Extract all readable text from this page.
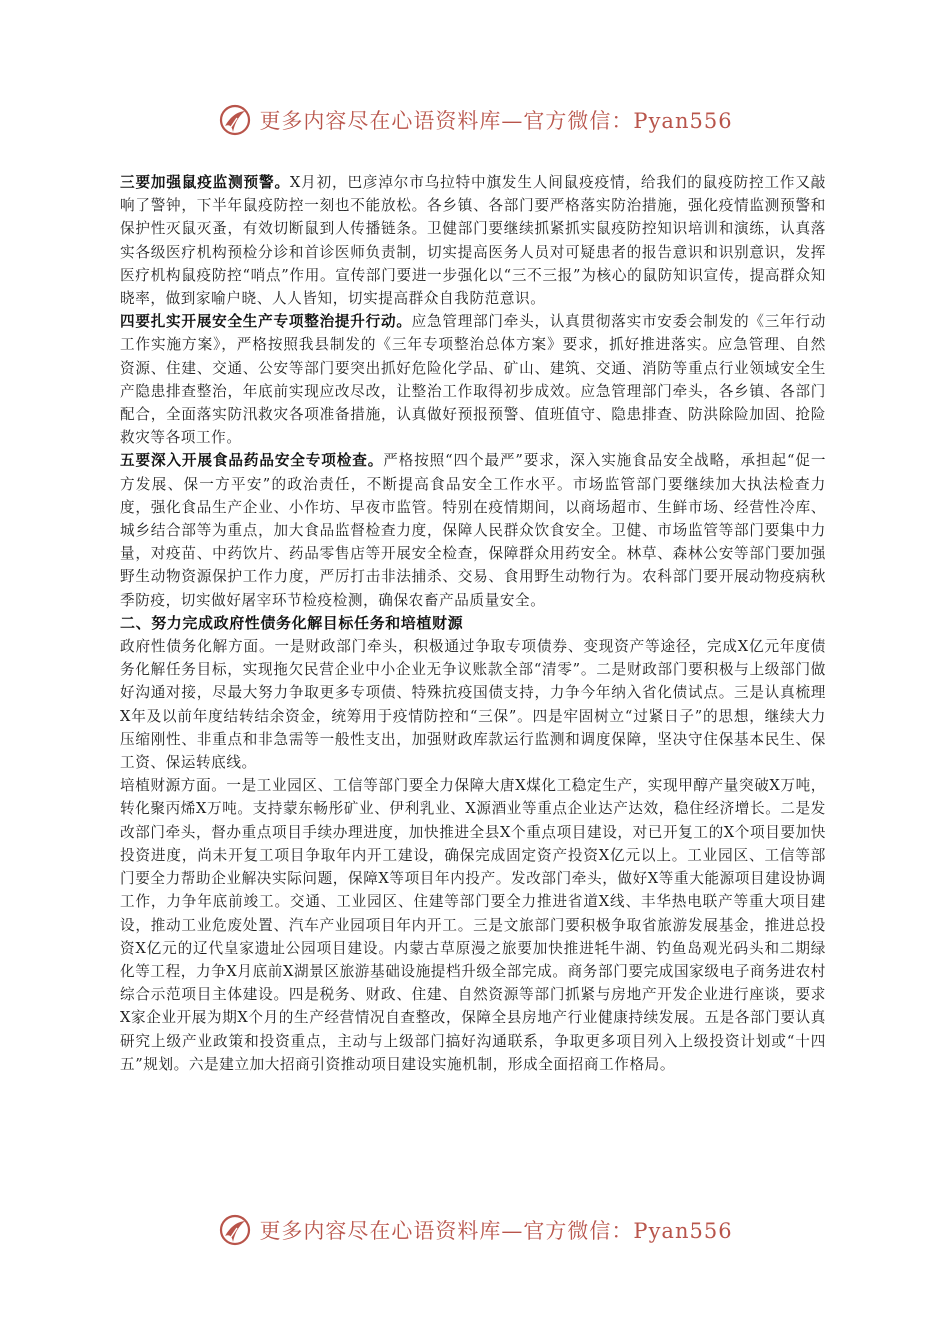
更多内容尽在心语资料库—官方微信：Pyan556

三要加强鼠疫监测预警。X月初，巴彦淖尔市乌拉特中旗发生人间鼠疫疫情，给我们的鼠疫防控工作又敲响了警钟，下半年鼠疫防控一刻也不能放松。各乡镇、各部门要严格落实防治措施，强化疫情监测预警和保护性灭鼠灭蚤，有效切断鼠到人传播链条。卫健部门要继续抓紧抓实鼠疫防控知识培训和演练，认真落实各级医疗机构预检分诊和首诊医师负责制，切实提高医务人员对可疑患者的报告意识和识别意识，发挥医疗机构鼠疫防控“哨点”作用。宣传部门要进一步强化以“三不三报”为核心的鼠防知识宣传，提高群众知晓率，做到家喻户晓、人人皆知，切实提高群众自我防范意识。

四要扎实开展安全生产专项整治提升行动。应急管理部门牵头，认真贯彻落实市安委会制发的《三年行动工作实施方案》，严格按照我县制发的《三年专项整治总体方案》要求，抓好推进落实。应急管理、自然资源、住建、交通、公安等部门要突出抓好危险化学品、矿山、建筑、交通、消防等重点行业领域安全生产隐患排查整治，年底前实现应改尽改，让整治工作取得初步成效。应急管理部门牵头，各乡镇、各部门配合，全面落实防汛救灾各项准备措施，认真做好预报预警、值班值守、隐患排查、防洪除险加固、抢险救灾等各项工作。

五要深入开展食品药品安全专项检查。严格按照“四个最严”要求，深入实施食品安全战略，承担起“促一方发展、保一方平安”的政治责任，不断提高食品安全工作水平。市场监管部门要继续加大执法检查力度，强化食品生产企业、小作坊、早夜市监管。特别在疫情期间，以商场超市、生鲜市场、经营性冷库、城乡结合部等为重点，加大食品监督检查力度，保障人民群众饮食安全。卫健、市场监管等部门要集中力量，对疫苗、中药饮片、药品零售店等开展安全检查，保障群众用药安全。林草、森林公安等部门要加强野生动物资源保护工作力度，严厉打击非法捕杀、交易、食用野生动物行为。农科部门要开展动物疫病秋季防疫，切实做好屠宰环节检疫检测，确保农畜产品质量安全。

二、努力完成政府性债务化解目标任务和培植财源

政府性债务化解方面。一是财政部门牵头，积极通过争取专项债券、变现资产等途径，完成X亿元年度债务化解任务目标，实现拖欠民营企业中小企业无争议账款全部“清零”。二是财政部门要积极与上级部门做好沟通对接，尽最大努力争取更多专项债、特殊抗疫国债支持，力争今年纳入省化债试点。三是认真梳理X年及以前年度结转结余资金，统筹用于疫情防控和“三保”。四是牢固树立“过紧日子”的思想，继续大力压缩刚性、非重点和非急需等一般性支出，加强财政库款运行监测和调度保障，坚决守住保基本民生、保工资、保运转底线。

培植财源方面。一是工业园区、工信等部门要全力保障大唐X煤化工稳定生产，实现甲醇产量突破X万吨，转化聚丙烯X万吨。支持蒙东畅彤矿业、伊利乳业、X源酒业等重点企业达产达效，稳住经济增长。二是发改部门牵头，督办重点项目手续办理进度，加快推进全县X个重点项目建设，对已开复工的X个项目要加快投资进度，尚未开复工项目争取年内开工建设，确保完成固定资产投资X亿元以上。工业园区、工信等部门要全力帮助企业解决实际问题，保障X等项目年内投产。发改部门牵头，做好X等重大能源项目建设协调工作，力争年底前竣工。交通、工业园区、住建等部门要全力推进省道X线、丰华热电联产等重大项目建设，推动工业危废处置、汽车产业园项目年内开工。三是文旅部门要积极争取省旅游发展基金，推进总投资X亿元的辽代皇家遗址公园项目建设。内蒙古草原漫之旅要加快推进牦牛湖、钓鱼岛观光码头和二期绿化等工程，力争X月底前X湖景区旅游基础设施提档升级全部完成。商务部门要完成国家级电子商务进农村综合示范项目主体建设。四是税务、财政、住建、自然资源等部门抓紧与房地产开发企业进行座谈，要求X家企业开展为期X个月的生产经营情况自查整改，保障全县房地产行业健康持续发展。五是各部门要认真研究上级产业政策和投资重点，主动与上级部门搞好沟通联系，争取更多项目列入上级投资计划或“十四五”规划。六是建立加大招商引资推动项目建设实施机制，形成全面招商工作格局。

更多内容尽在心语资料库—官方微信：Pyan556
